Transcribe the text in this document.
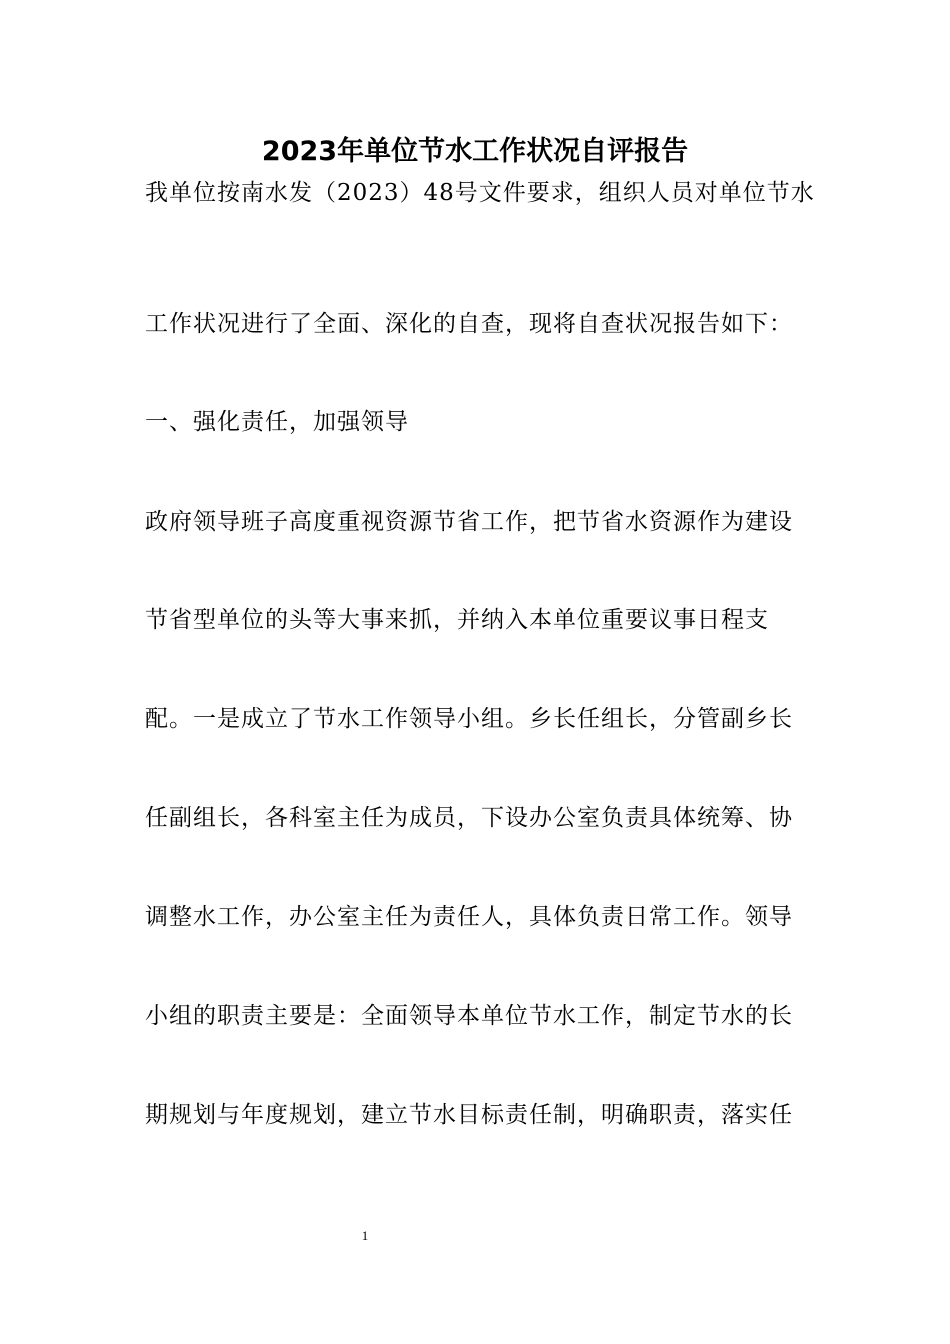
2023年单位节水工作状况自评报告
我单位按南水发（2023）48号文件要求，组织人员对单位节水
工作状况进行了全面、深化的自查，现将自查状况报告如下：
一、强化责任，加强领导
政府领导班子高度重视资源节省工作，把节省水资源作为建设
节省型单位的头等大事来抓，并纳入本单位重要议事日程支
配。一是成立了节水工作领导小组。乡长任组长，分管副乡长
任副组长，各科室主任为成员，下设办公室负责具体统筹、协
调整水工作，办公室主任为责任人，具体负责日常工作。领导
小组的职责主要是：全面领导本单位节水工作，制定节水的长
期规划与年度规划，建立节水目标责任制，明确职责，落实任
1
